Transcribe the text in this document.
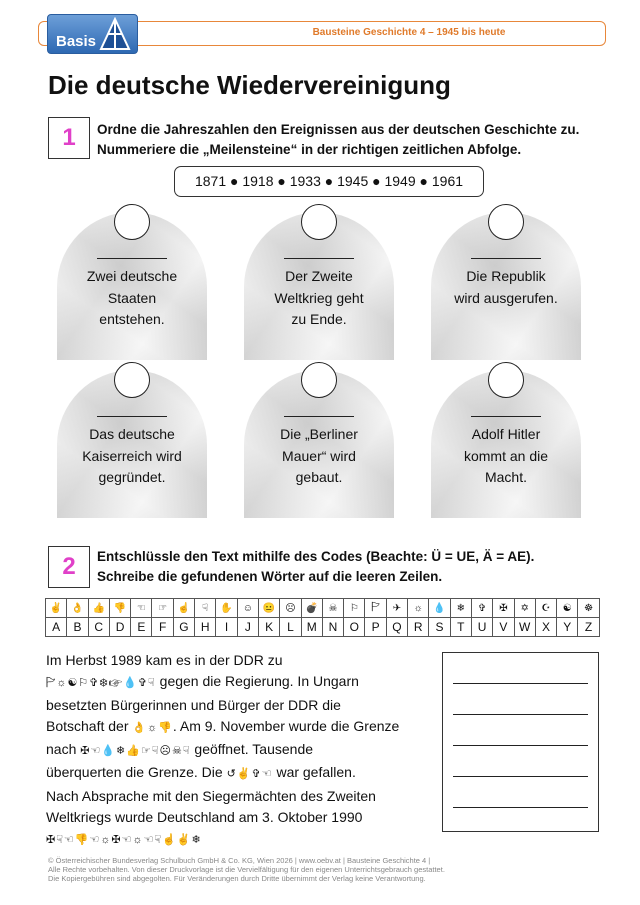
Bausteine Geschichte 4 – 1945 bis heute
Basis
Die deutsche Wiedervereinigung
1	Ordne die Jahreszahlen den Ereignissen aus der deutschen Geschichte zu.
Nummeriere die „Meilensteine“ in der richtigen zeitlichen Abfolge.
1871 ● 1918 ● 1933 ● 1945 ● 1949 ● 1961
Zwei deutsche
Staaten
entstehen.
Der Zweite
Weltkrieg geht
zu Ende.
Die Republik
wird ausgerufen.
Das deutsche
Kaiserreich wird
gegründet.
Die „Berliner
Mauer“ wird
gebaut.
Adolf Hitler
kommt an die
Macht.
2	Entschlüssle den Text mithilfe des Codes (Beachte: Ü = UE, Ä = AE).
Schreibe die gefundenen Wörter auf die leeren Zeilen.
✌	👌	👍	👎	☜	☞	☝	☟	✋	☺	😐	☹	💣	☠	⚐	🏱	✈	☼	💧	❄	✞	✠	✡	☪	☯	☸
A	B	C	D	E	F	G	H	I	J	K	L	M	N	O	P	Q	R	S	T	U	V	W	X	Y	Z
Im Herbst 1989 kam es in der DDR zu
🏱☼☯⚐✞❄☞💧✞☟ gegen die Regierung. In Ungarn
besetzten Bürgerinnen und Bürger der DDR die
Botschaft der 👌☼👎. Am 9. November wurde die Grenze
nach ✠☜💧❄👍☞☟☹☠☟ geöffnet. Tausende
überquerten die Grenze. Die ↺✌✞☜ war gefallen.
Nach Absprache mit den Siegermächten des Zweiten
Weltkriegs wurde Deutschland am 3. Oktober 1990
✠☟☜👎☜☼✠☜☼☜☟☝✌❄
© Österreichischer Bundesverlag Schulbuch GmbH & Co. KG, Wien 2026 | www.oebv.at | Bausteine Geschichte 4 |
Alle Rechte vorbehalten. Von dieser Druckvorlage ist die Vervielfältigung für den eigenen Unterrichtsgebrauch gestattet.
Die Kopiergebühren sind abgegolten. Für Veränderungen durch Dritte übernimmt der Verlag keine Verantwortung.
